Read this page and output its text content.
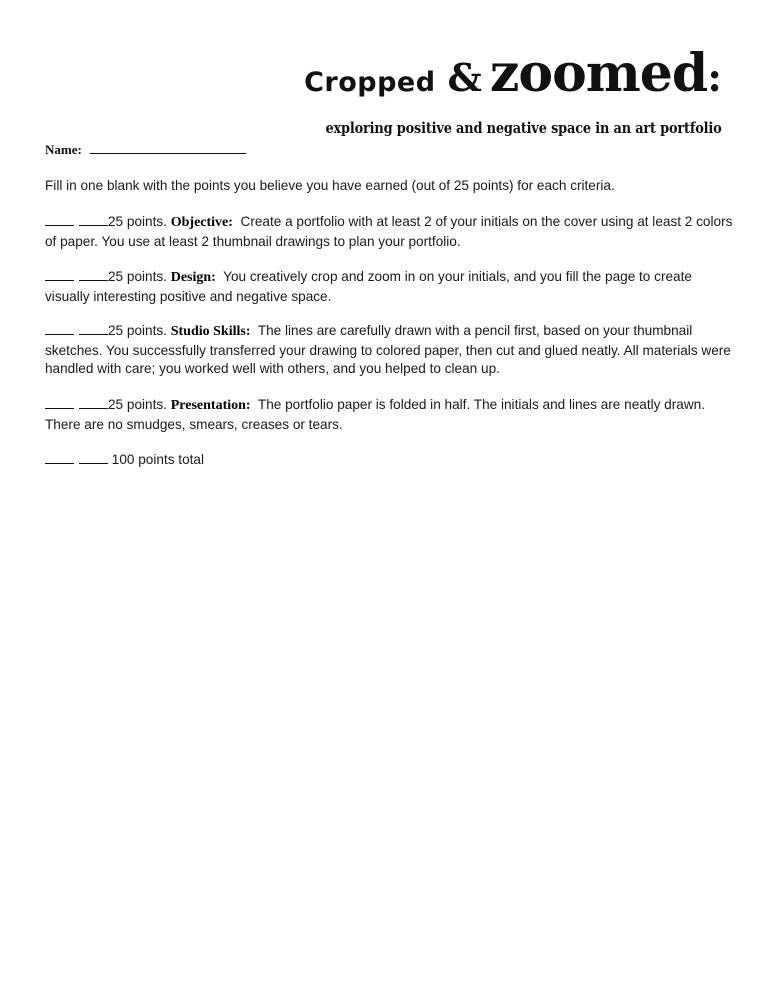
Cropped & zoomed:
exploring positive and negative space in an art portfolio
Name:
Fill in one blank with the points you believe you have earned (out of 25 points) for each criteria.
25 points. Objective: Create a portfolio with at least 2 of your initials on the cover using at least 2 colors of paper. You use at least 2 thumbnail drawings to plan your portfolio.
25 points. Design: You creatively crop and zoom in on your initials, and you fill the page to create visually interesting positive and negative space.
25 points. Studio Skills: The lines are carefully drawn with a pencil first, based on your thumbnail sketches. You successfully transferred your drawing to colored paper, then cut and glued neatly. All materials were handled with care; you worked well with others, and you helped to clean up.
25 points. Presentation: The portfolio paper is folded in half. The initials and lines are neatly drawn. There are no smudges, smears, creases or tears.
100 points total
